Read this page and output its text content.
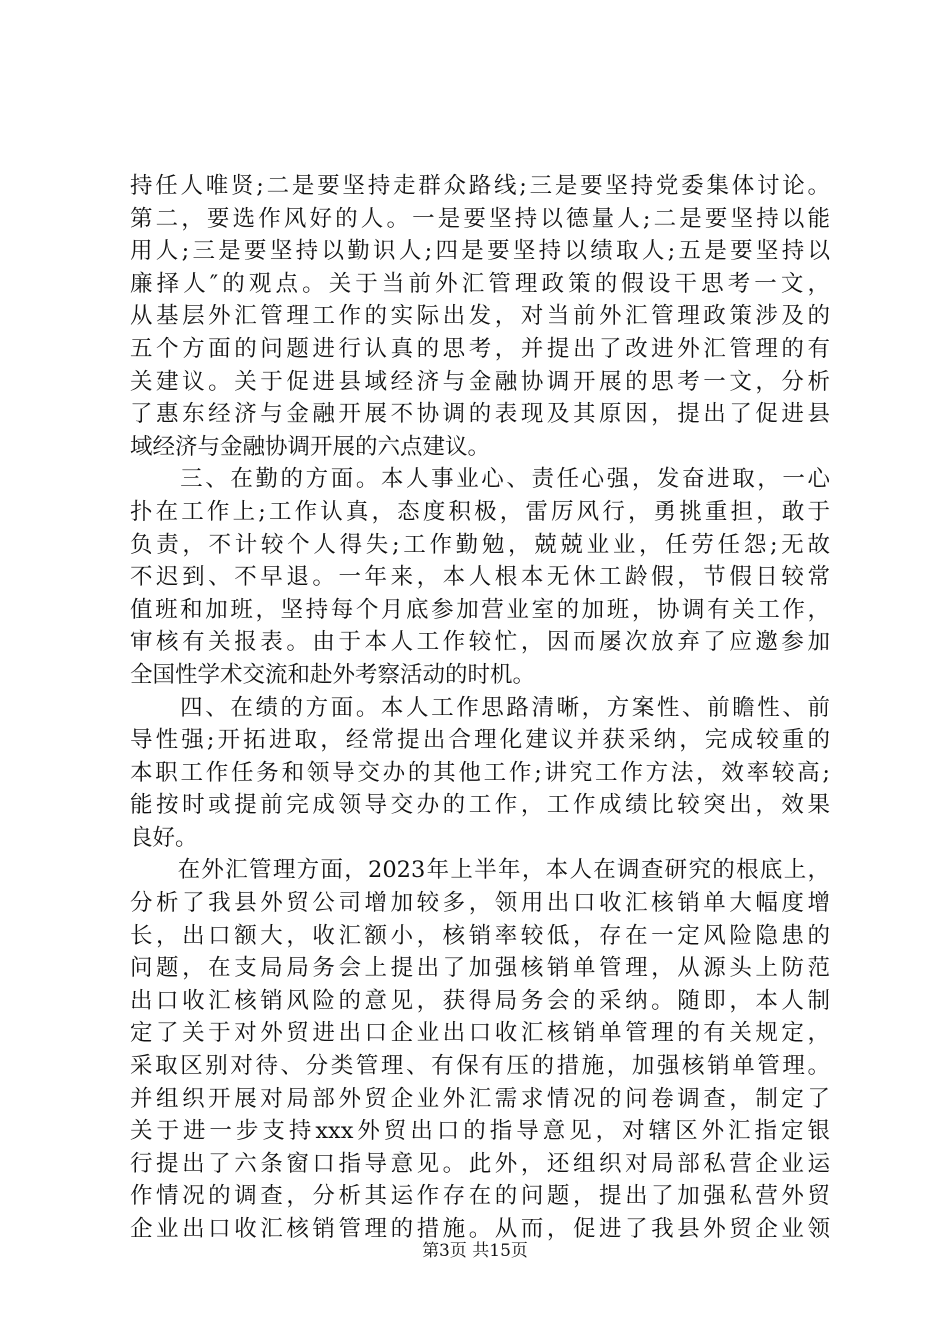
持任人唯贤;二是要坚持走群众路线;三是要坚持党委集体讨论。
第二，要选作风好的人。一是要坚持以德量人;二是要坚持以能
用人;三是要坚持以勤识人;四是要坚持以绩取人;五是要坚持以
廉择人″的观点。关于当前外汇管理政策的假设干思考一文，
从基层外汇管理工作的实际出发，对当前外汇管理政策涉及的
五个方面的问题进行认真的思考，并提出了改进外汇管理的有
关建议。关于促进县域经济与金融协调开展的思考一文，分析
了惠东经济与金融开展不协调的表现及其原因，提出了促进县
域经济与金融协调开展的六点建议。
　　三、在勤的方面。本人事业心、责任心强，发奋进取，一心
扑在工作上;工作认真，态度积极，雷厉风行，勇挑重担，敢于
负责，不计较个人得失;工作勤勉，兢兢业业，任劳任怨;无故
不迟到、不早退。一年来，本人根本无休工龄假，节假日较常
值班和加班，坚持每个月底参加营业室的加班，协调有关工作，
审核有关报表。由于本人工作较忙，因而屡次放弃了应邀参加
全国性学术交流和赴外考察活动的时机。
　　四、在绩的方面。本人工作思路清晰，方案性、前瞻性、前
导性强;开拓进取，经常提出合理化建议并获采纳，完成较重的
本职工作任务和领导交办的其他工作;讲究工作方法，效率较高;
能按时或提前完成领导交办的工作，工作成绩比较突出，效果
良好。
　　在外汇管理方面，2023年上半年，本人在调查研究的根底上，
分析了我县外贸公司增加较多，领用出口收汇核销单大幅度增
长，出口额大，收汇额小，核销率较低，存在一定风险隐患的
问题，在支局局务会上提出了加强核销单管理，从源头上防范
出口收汇核销风险的意见，获得局务会的采纳。随即，本人制
定了关于对外贸进出口企业出口收汇核销单管理的有关规定，
采取区别对待、分类管理、有保有压的措施，加强核销单管理。
并组织开展对局部外贸企业外汇需求情况的问卷调查，制定了
关于进一步支持xxx外贸出口的指导意见，对辖区外汇指定银
行提出了六条窗口指导意见。此外，还组织对局部私营企业运
作情况的调查，分析其运作存在的问题，提出了加强私营外贸
企业出口收汇核销管理的措施。从而，促进了我县外贸企业领
第3页 共15页
